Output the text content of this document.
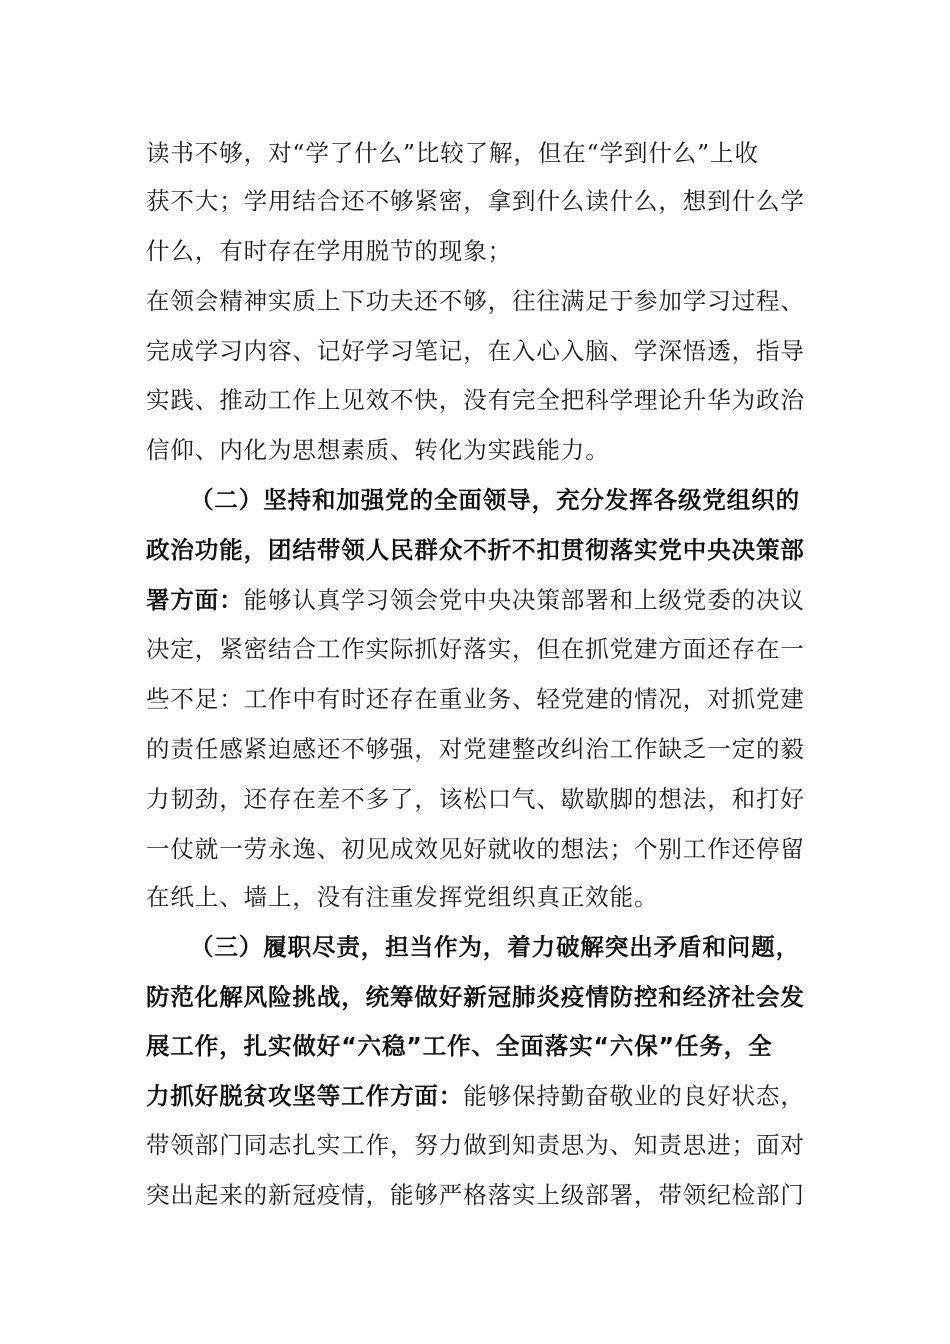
读书不够，对“学了什么”比较了解，但在“学到什么”上收
获不大；学用结合还不够紧密，拿到什么读什么，想到什么学
什么，有时存在学用脱节的现象；
在领会精神实质上下功夫还不够，往往满足于参加学习过程、
完成学习内容、记好学习笔记，在入心入脑、学深悟透，指导
实践、推动工作上见效不快，没有完全把科学理论升华为政治
信仰、内化为思想素质、转化为实践能力。
（二）坚持和加强党的全面领导，充分发挥各级党组织的
政治功能，团结带领人民群众不折不扣贯彻落实党中央决策部
署方面：能够认真学习领会党中央决策部署和上级党委的决议
决定，紧密结合工作实际抓好落实，但在抓党建方面还存在一
些不足：工作中有时还存在重业务、轻党建的情况，对抓党建
的责任感紧迫感还不够强，对党建整改纠治工作缺乏一定的毅
力韧劲，还存在差不多了，该松口气、歇歇脚的想法，和打好
一仗就一劳永逸、初见成效见好就收的想法；个别工作还停留
在纸上、墙上，没有注重发挥党组织真正效能。
（三）履职尽责，担当作为，着力破解突出矛盾和问题，
防范化解风险挑战，统筹做好新冠肺炎疫情防控和经济社会发
展工作，扎实做好“六稳”工作、全面落实“六保”任务，全
力抓好脱贫攻坚等工作方面：能够保持勤奋敬业的良好状态，
带领部门同志扎实工作，努力做到知责思为、知责思进；面对
突出起来的新冠疫情，能够严格落实上级部署，带领纪检部门
